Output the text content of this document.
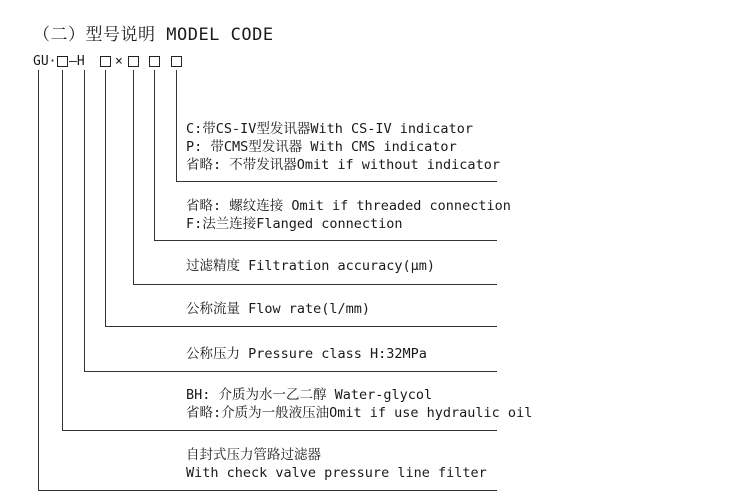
（二）型号说明 MODEL CODE
GU· —H ×
C:带CS-IV型发讯器With CS-IV indicator
P: 带CMS型发讯器 With CMS indicator
省略: 不带发讯器Omit if without indicator
省略: 螺纹连接 Omit if threaded connection
F:法兰连接Flanged connection
过滤精度 Filtration accuracy(μm)
公称流量 Flow rate(l/mm)
公称压力 Pressure class H:32MPa
BH: 介质为水一乙二醇 Water-glycol
省略:介质为一般液压油Omit if use hydraulic oil
自封式压力管路过滤器
With check valve pressure line filter
